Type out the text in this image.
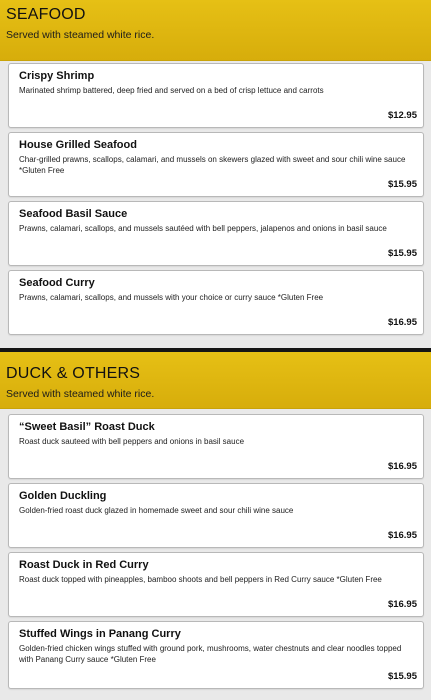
SEAFOOD
Served with steamed white rice.
Crispy Shrimp
Marinated shrimp battered, deep fried and served on a bed of crisp lettuce and carrots
$12.95
House Grilled Seafood
Char-grilled prawns, scallops, calamari, and mussels on skewers glazed with sweet and sour chili wine sauce *Gluten Free
$15.95
Seafood Basil Sauce
Prawns, calamari, scallops, and mussels sautéed with bell peppers, jalapenos and onions in basil sauce
$15.95
Seafood Curry
Prawns, calamari, scallops, and mussels with your choice or curry sauce *Gluten Free
$16.95
DUCK & OTHERS
Served with steamed white rice.
“Sweet Basil” Roast Duck
Roast duck sauteed with bell peppers and onions in basil sauce
$16.95
Golden Duckling
Golden-fried roast duck glazed in homemade sweet and sour chili wine sauce
$16.95
Roast Duck in Red Curry
Roast duck topped with pineapples, bamboo shoots and bell peppers in Red Curry sauce *Gluten Free
$16.95
Stuffed Wings in Panang Curry
Golden-fried chicken wings stuffed with ground pork, mushrooms, water chestnuts and clear noodles topped with Panang Curry sauce *Gluten Free
$15.95
